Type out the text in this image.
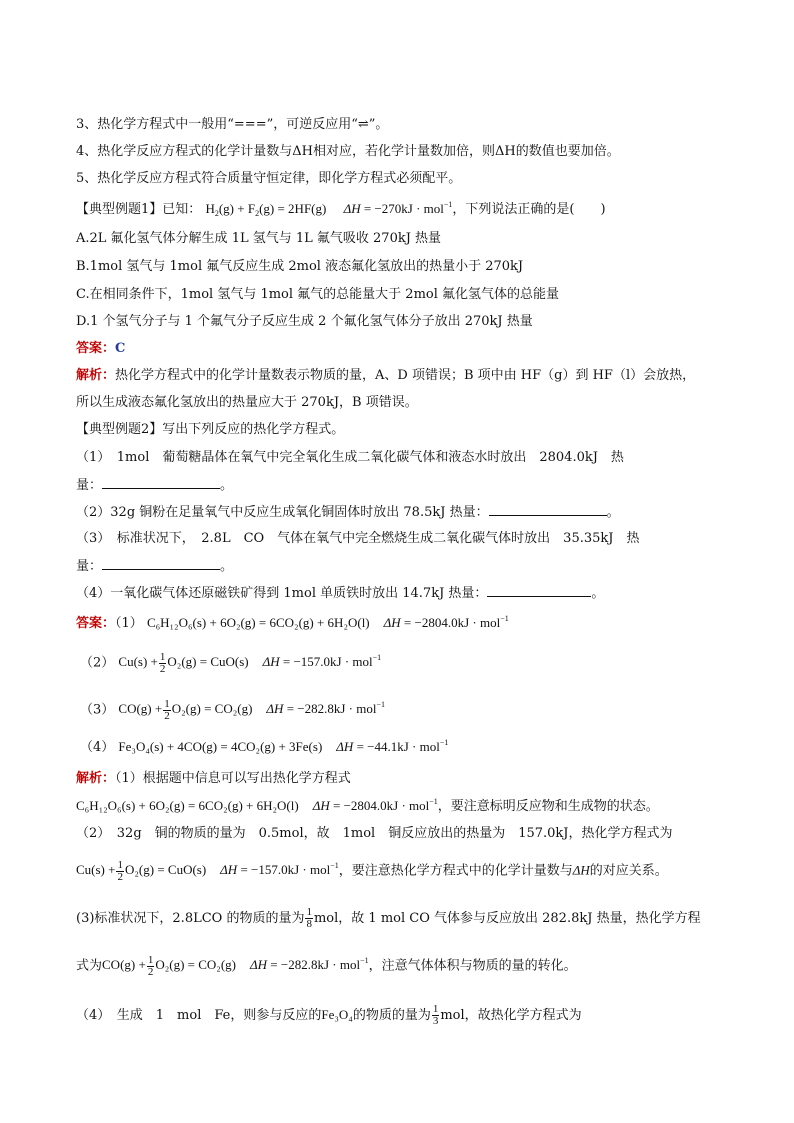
3、热化学方程式中一般用“===”，可逆反应用“⇌”。
4、热化学反应方程式的化学计量数与ΔH相对应，若化学计量数加倍，则ΔH的数值也要加倍。
5、热化学反应方程式符合质量守恒定律，即化学方程式必须配平。
【典型例题1】已知： $H_2(g) + F_2(g) = 2HF(g) \Delta H = -270kJ \cdot mol^{-1}$，下列说法正确的是(　　)
A.2L 氟化氢气体分解生成 1L 氢气与 1L 氟气吸收 270kJ 热量
B.1mol 氢气与 1mol 氟气反应生成 2mol 液态氟化氢放出的热量小于 270kJ
C.在相同条件下，1mol 氢气与 1mol 氟气的总能量大于 2mol 氟化氢气体的总能量
D.1 个氢气分子与 1 个氟气分子反应生成 2 个氟化氢气体分子放出 270kJ 热量
答案：C
解析：热化学方程式中的化学计量数表示物质的量，A、D 项错误；B 项中由 HF（g）到 HF（l）会放热，
所以生成液态氟化氢放出的热量应大于 270kJ，B 项错误。
【典型例题2】写出下列反应的热化学方程式。
（1）　1mol　葡萄糖晶体在氧气中完全氧化生成二氧化碳气体和液态水时放出　2804.0kJ　热
量：	。
（2）32g 铜粉在足量氧气中反应生成氧化铜固体时放出 78.5kJ 热量：	。
（3）　标准状况下，　2.8L　CO　气体在氧气中完全燃烧生成二氧化碳气体时放出　35.35kJ　热
量：	。
（4）一氧化碳气体还原磁铁矿得到 1mol 单质铁时放出 14.7kJ 热量：	。
答案：（1） C₆H₁₂O₆(s) + 6O₂(g) = 6CO₂(g) + 6H₂O(l) ΔH = −2804.0kJ · mol$^{-1}$
（2） $Cu(s) + \frac{1}{2} O_2(g) = CuO(s) \Delta H = -157.0kJ \cdot mol^{-1}$
（3） $CO(g) + \frac{1}{2} O_2(g) = CO_2(g) \Delta H = -282.8kJ \cdot mol^{-1}$
（4） Fe₃O₄(s) + 4CO(g) = 4CO₂(g) + 3Fe(s) ΔH = −44.1kJ · mol$^{-1}$
解析：（1）根据题中信息可以写出热化学方程式
C₆H₁₂O₆(s) + 6O₂(g) = 6CO₂(g) + 6H₂O(l) ΔH = −2804.0kJ · mol$^{-1}$，要注意标明反应物和生成物的状态。
（2）　32g　铜的物质的量为　0.5mol，故　1mol　铜反应放出的热量为　157.0kJ，热化学方程式为
$Cu(s) + \frac{1}{2} O_2(g) = CuO(s) \Delta H = -157.0kJ \cdot mol^{-1}$，要注意热化学方程式中的化学计量数与ΔH的对应关系。
(3)标准状况下，2.8LCO 的物质的量为 $\frac{1}{8}$ mol，故 1 mol CO 气体参与反应放出 282.8kJ 热量，热化学方程
式为$CO(g) + \frac{1}{2} O_2(g) = CO_2(g) \Delta H = -282.8kJ \cdot mol^{-1}$，注意气体体积与物质的量的转化。
（4）　生成　1　mol　Fe，则参与反应的Fe₃O₄的物质的量为 $\frac{1}{3}$ mol，故热化学方程式为
